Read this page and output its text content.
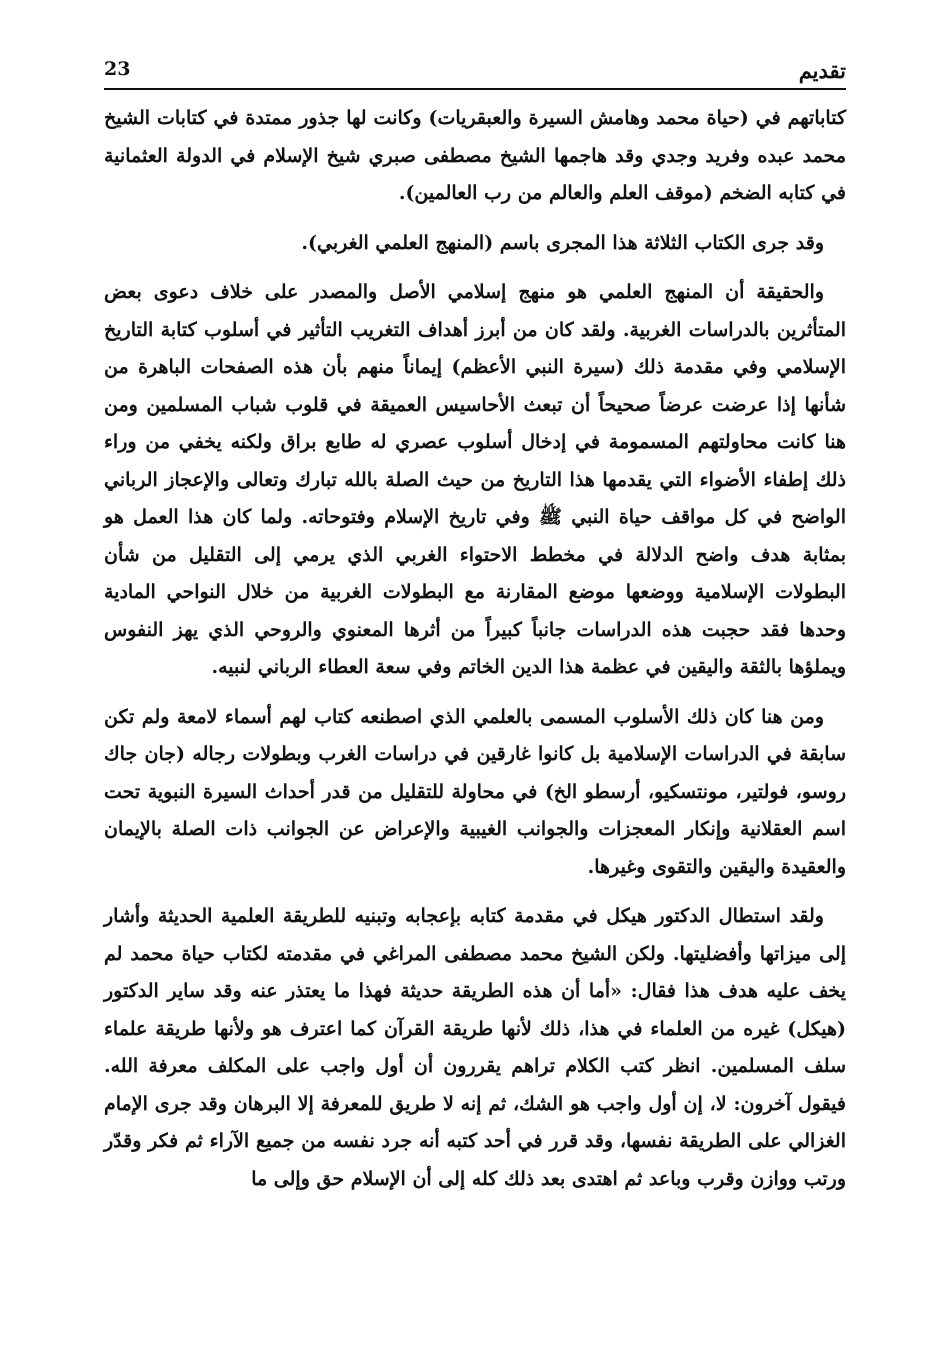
تقديم
23

كتاباتهم في (حياة محمد وهامش السيرة والعبقريات) وكانت لها جذور ممتدة في كتابات الشيخ محمد عبده وفريد وجدي وقد هاجمها الشيخ مصطفى صبري شيخ الإسلام في الدولة العثمانية في كتابه الضخم (موقف العلم والعالم من رب العالمين).

وقد جرى الكتاب الثلاثة هذا المجرى باسم (المنهج العلمي الغربي).

والحقيقة أن المنهج العلمي هو منهج إسلامي الأصل والمصدر على خلاف دعوى بعض المتأثرين بالدراسات الغربية. ولقد كان من أبرز أهداف التغريب التأثير في أسلوب كتابة التاريخ الإسلامي وفي مقدمة ذلك (سيرة النبي الأعظم) إيماناً منهم بأن هذه الصفحات الباهرة من شأنها إذا عرضت عرضاً صحيحاً أن تبعث الأحاسيس العميقة في قلوب شباب المسلمين ومن هنا كانت محاولتهم المسمومة في إدخال أسلوب عصري له طابع براق ولكنه يخفي من وراء ذلك إطفاء الأضواء التي يقدمها هذا التاريخ من حيث الصلة بالله تبارك وتعالى والإعجاز الرباني الواضح في كل مواقف حياة النبي ﷺ وفي تاريخ الإسلام وفتوحاته. ولما كان هذا العمل هو بمثابة هدف واضح الدلالة في مخطط الاحتواء الغربي الذي يرمي إلى التقليل من شأن البطولات الإسلامية ووضعها موضع المقارنة مع البطولات الغربية من خلال النواحي المادية وحدها فقد حجبت هذه الدراسات جانباً كبيراً من أثرها المعنوي والروحي الذي يهز النفوس ويملؤها بالثقة واليقين في عظمة هذا الدين الخاتم وفي سعة العطاء الرباني لنبيه.

ومن هنا كان ذلك الأسلوب المسمى بالعلمي الذي اصطنعه كتاب لهم أسماء لامعة ولم تكن سابقة في الدراسات الإسلامية بل كانوا غارقين في دراسات الغرب وبطولات رجاله (جان جاك روسو، فولتير، مونتسكيو، أرسطو الخ) في محاولة للتقليل من قدر أحداث السيرة النبوية تحت اسم العقلانية وإنكار المعجزات والجوانب الغيبية والإعراض عن الجوانب ذات الصلة بالإيمان والعقيدة واليقين والتقوى وغيرها.

ولقد استطال الدكتور هيكل في مقدمة كتابه بإعجابه وتبنيه للطريقة العلمية الحديثة وأشار إلى ميزاتها وأفضليتها. ولكن الشيخ محمد مصطفى المراغي في مقدمته لكتاب حياة محمد لم يخف عليه هدف هذا فقال: «أما أن هذه الطريقة حديثة فهذا ما يعتذر عنه وقد ساير الدكتور (هيكل) غيره من العلماء في هذا، ذلك لأنها طريقة القرآن كما اعترف هو ولأنها طريقة علماء سلف المسلمين. انظر كتب الكلام تراهم يقررون أن أول واجب على المكلف معرفة الله. فيقول آخرون: لا، إن أول واجب هو الشك، ثم إنه لا طريق للمعرفة إلا البرهان وقد جرى الإمام الغزالي على الطريقة نفسها، وقد قرر في أحد كتبه أنه جرد نفسه من جميع الآراء ثم فكر وقدّر ورتب ووازن وقرب وباعد ثم اهتدى بعد ذلك كله إلى أن الإسلام حق وإلى ما
